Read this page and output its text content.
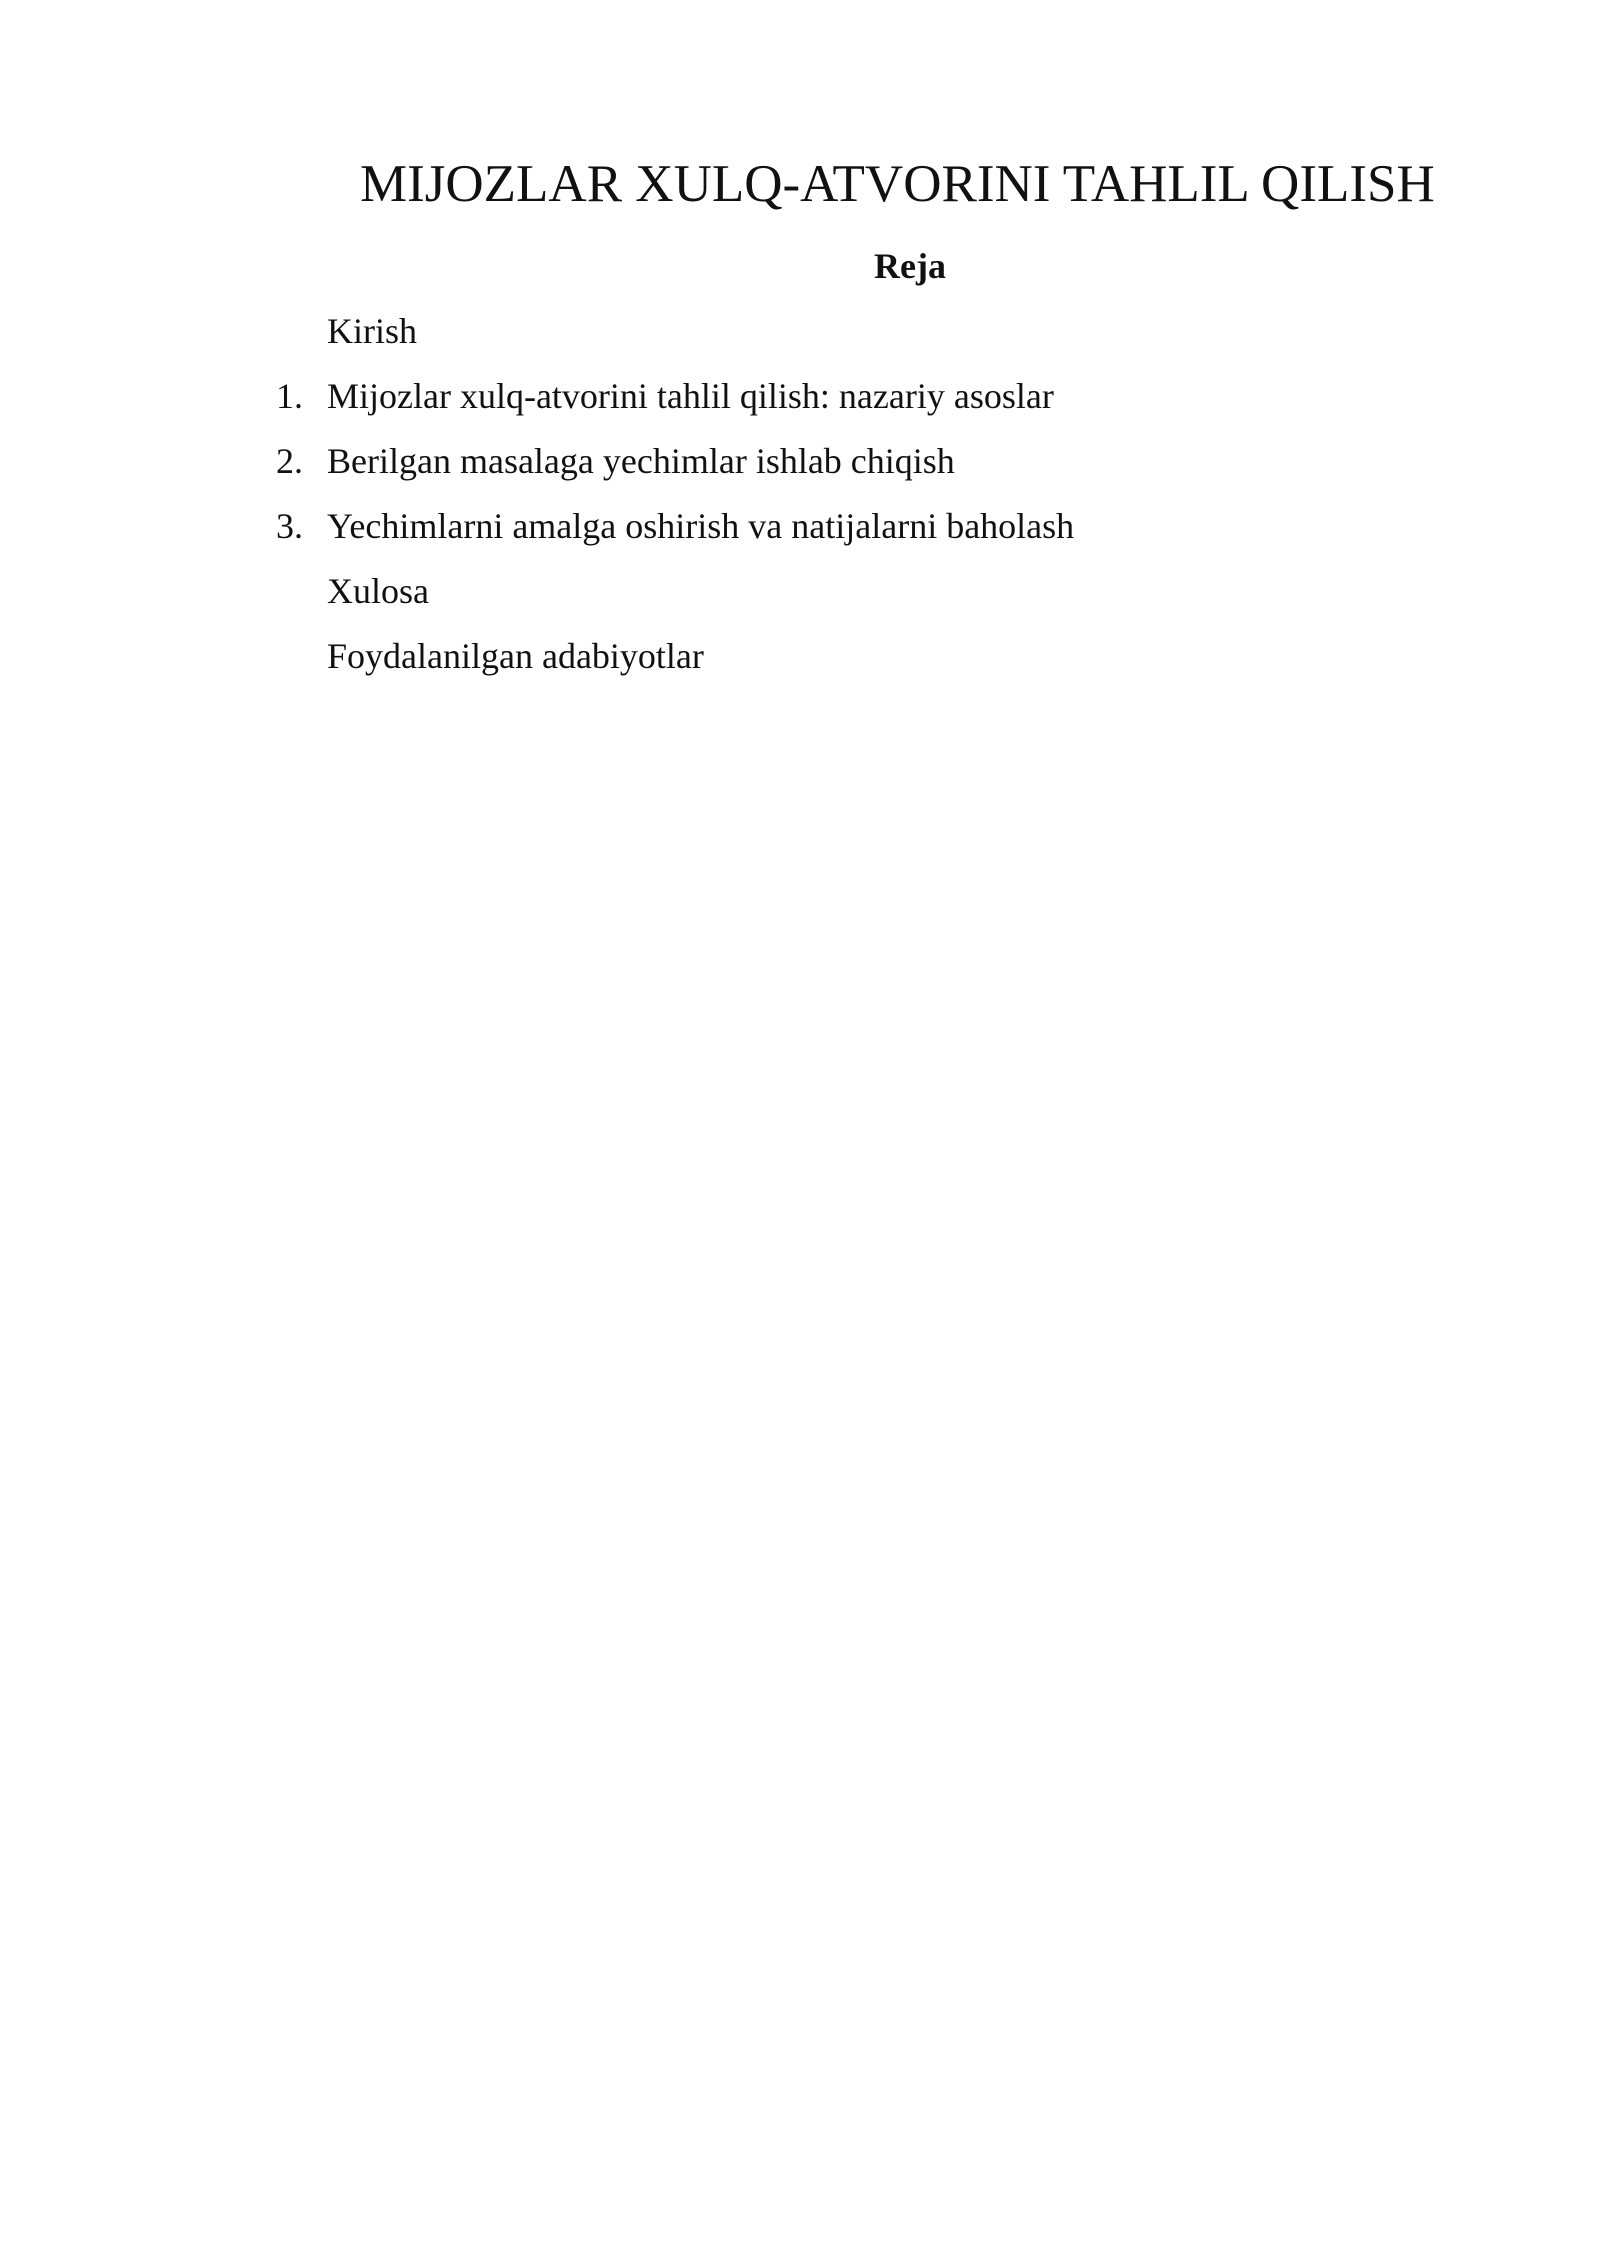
MIJOZLAR XULQ-ATVORINI TAHLIL QILISH
Reja
Kirish
1. Mijozlar xulq-atvorini tahlil qilish: nazariy asoslar
2. Berilgan masalaga yechimlar ishlab chiqish
3. Yechimlarni amalga oshirish va natijalarni baholash
Xulosa
Foydalanilgan adabiyotlar
